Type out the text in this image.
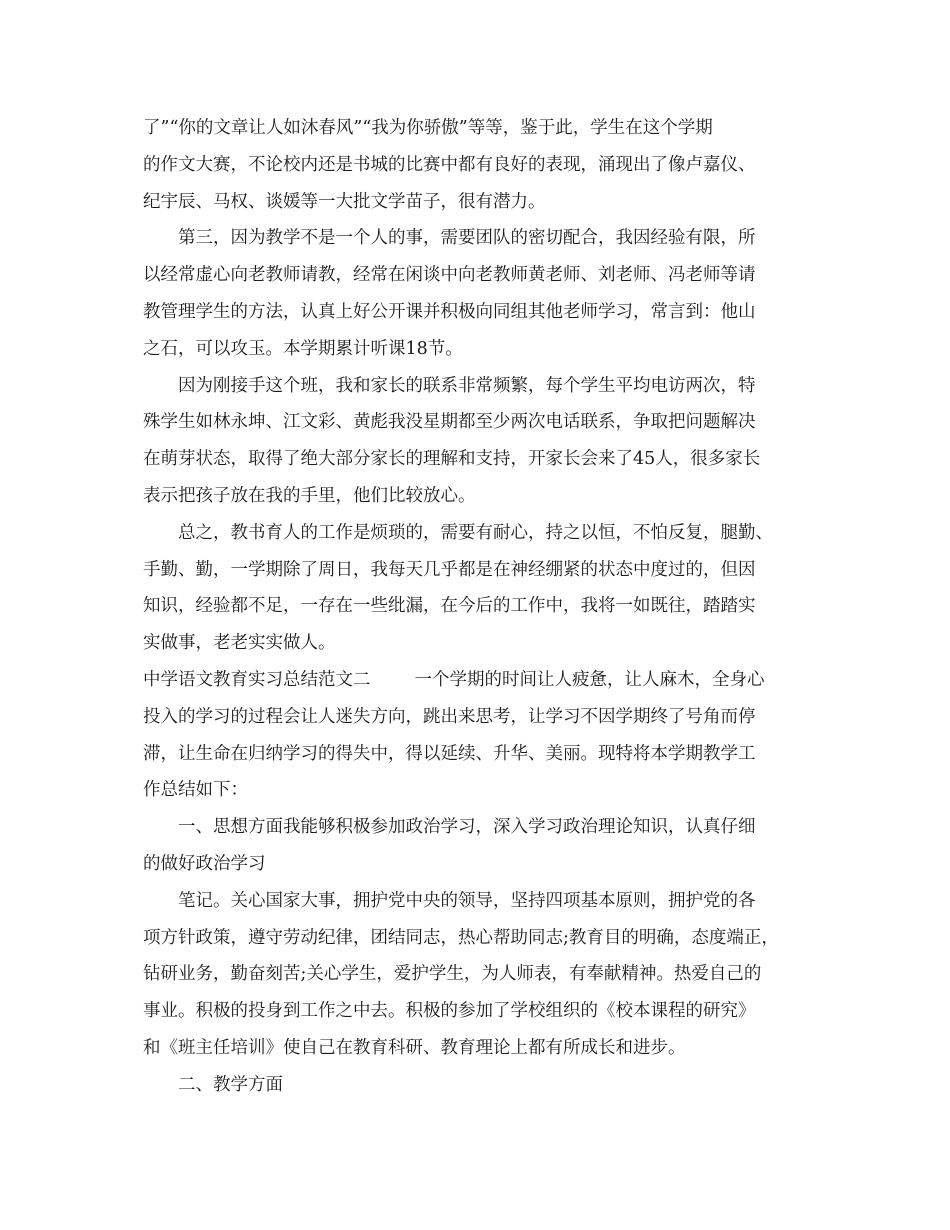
了”“你的文章让人如沐春风”“我为你骄傲”等等，鉴于此，学生在这个学期
的作文大赛，不论校内还是书城的比赛中都有良好的表现，涌现出了像卢嘉仪、
纪宇辰、马权、谈媛等一大批文学苗子，很有潜力。
第三，因为教学不是一个人的事，需要团队的密切配合，我因经验有限，所
以经常虚心向老教师请教，经常在闲谈中向老教师黄老师、刘老师、冯老师等请
教管理学生的方法，认真上好公开课并积极向同组其他老师学习，常言到：他山
之石，可以攻玉。本学期累计听课18节。
因为刚接手这个班，我和家长的联系非常频繁，每个学生平均电访两次，特
殊学生如林永坤、江文彩、黄彪我没星期都至少两次电话联系，争取把问题解决
在萌芽状态，取得了绝大部分家长的理解和支持，开家长会来了45人，很多家长
表示把孩子放在我的手里，他们比较放心。
总之，教书育人的工作是烦琐的，需要有耐心，持之以恒，不怕反复，腿勤、
手勤、勤，一学期除了周日，我每天几乎都是在神经绷紧的状态中度过的，但因
知识，经验都不足，一存在一些纰漏，在今后的工作中，我将一如既往，踏踏实
实做事，老老实实做人。
中学语文教育实习总结范文二	一个学期的时间让人疲惫，让人麻木，全身心
投入的学习的过程会让人迷失方向，跳出来思考，让学习不因学期终了号角而停
滞，让生命在归纳学习的得失中，得以延续、升华、美丽。现特将本学期教学工
作总结如下：
一、思想方面我能够积极参加政治学习，深入学习政治理论知识，认真仔细
的做好政治学习
笔记。关心国家大事，拥护党中央的领导，坚持四项基本原则，拥护党的各
项方针政策，遵守劳动纪律，团结同志，热心帮助同志;教育目的明确，态度端正，
钻研业务，勤奋刻苦;关心学生，爱护学生，为人师表，有奉献精神。热爱自己的
事业。积极的投身到工作之中去。积极的参加了学校组织的《校本课程的研究》
和《班主任培训》使自己在教育科研、教育理论上都有所成长和进步。
二、教学方面
